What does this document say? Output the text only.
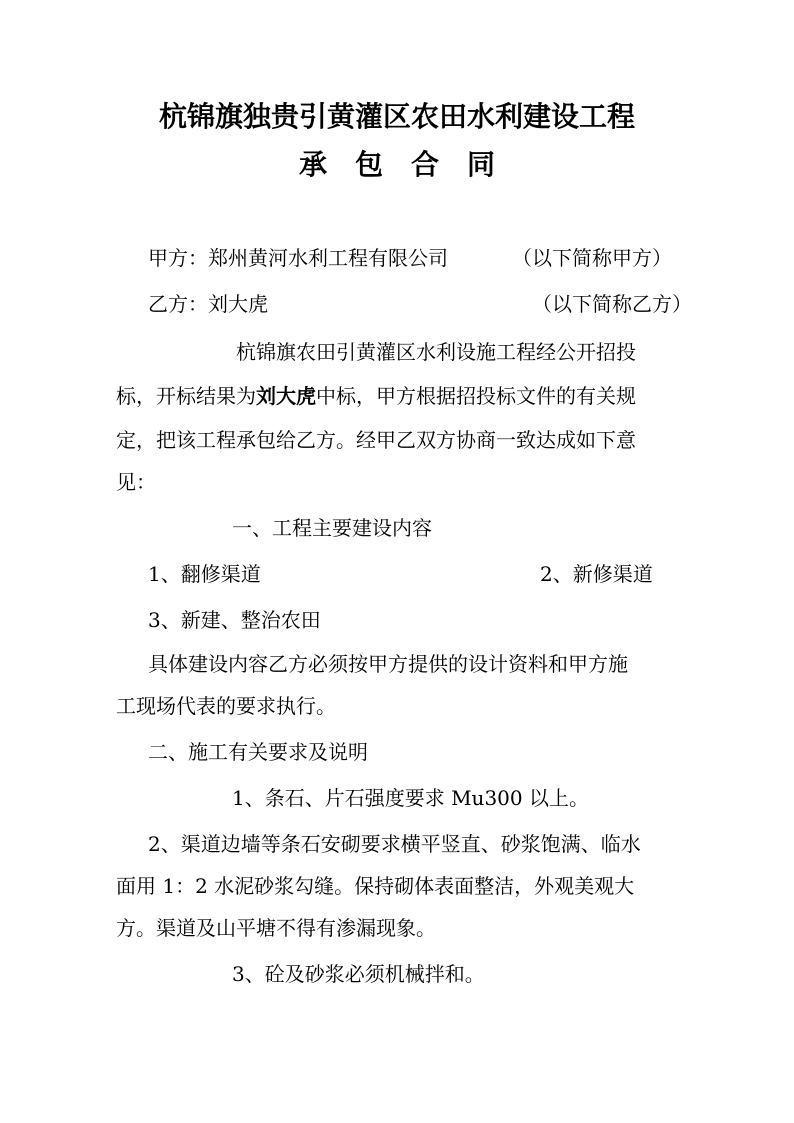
杭锦旗独贵引黄灌区农田水利建设工程
承包合同
甲方：郑州黄河水利工程有限公司	（以下简称甲方）
乙方：刘大虎	（以下简称乙方）
杭锦旗农田引黄灌区水利设施工程经公开招投
标，开标结果为刘大虎中标，甲方根据招投标文件的有关规
定，把该工程承包给乙方。经甲乙双方协商一致达成如下意
见：
一、工程主要建设内容
1、翻修渠道	2、新修渠道
3、新建、整治农田
具体建设内容乙方必须按甲方提供的设计资料和甲方施
工现场代表的要求执行。
二、施工有关要求及说明
1、条石、片石强度要求 Mu300 以上。
2、渠道边墙等条石安砌要求横平竖直、砂浆饱满、临水
面用 1：2 水泥砂浆勾缝。保持砌体表面整洁，外观美观大
方。渠道及山平塘不得有渗漏现象。
3、砼及砂浆必须机械拌和。
